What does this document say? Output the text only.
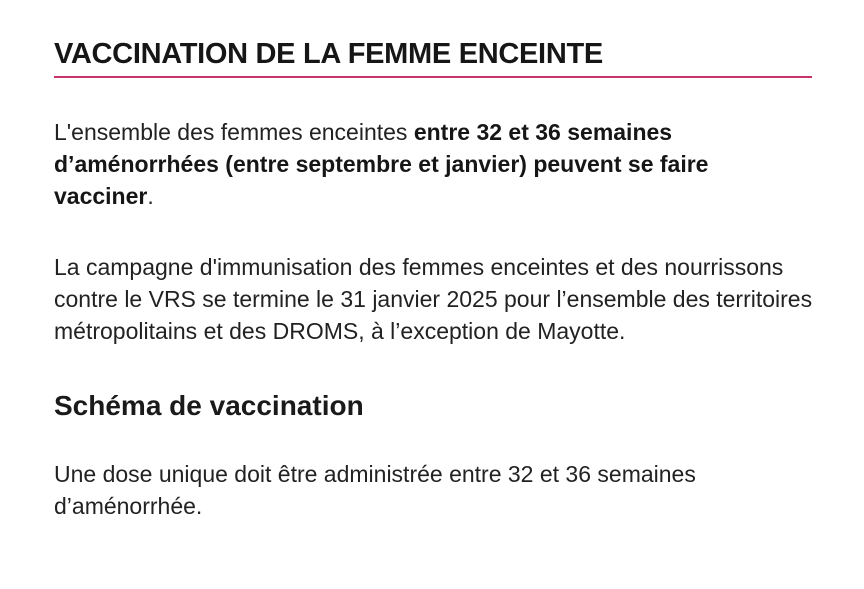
VACCINATION DE LA FEMME ENCEINTE

L'ensemble des femmes enceintes entre 32 et 36 semaines d’aménorrhées (entre septembre et janvier) peuvent se faire vacciner.

La campagne d'immunisation des femmes enceintes et des nourrissons contre le VRS se termine le 31 janvier 2025 pour l’ensemble des territoires métropolitains et des DROMS, à l’exception de Mayotte.

Schéma de vaccination

Une dose unique doit être administrée entre 32 et 36 semaines d’aménorrhée.
